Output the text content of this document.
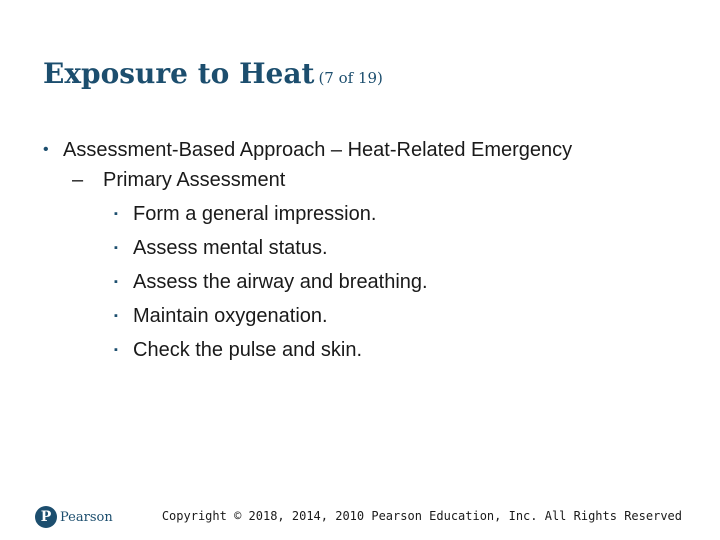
Exposure to Heat (7 of 19)
• Assessment-Based Approach – Heat-Related Emergency
– Primary Assessment
▪ Form a general impression.
▪ Assess mental status.
▪ Assess the airway and breathing.
▪ Maintain oxygenation.
▪ Check the pulse and skin.
P Pearson	Copyright © 2018, 2014, 2010 Pearson Education, Inc. All Rights Reserved
